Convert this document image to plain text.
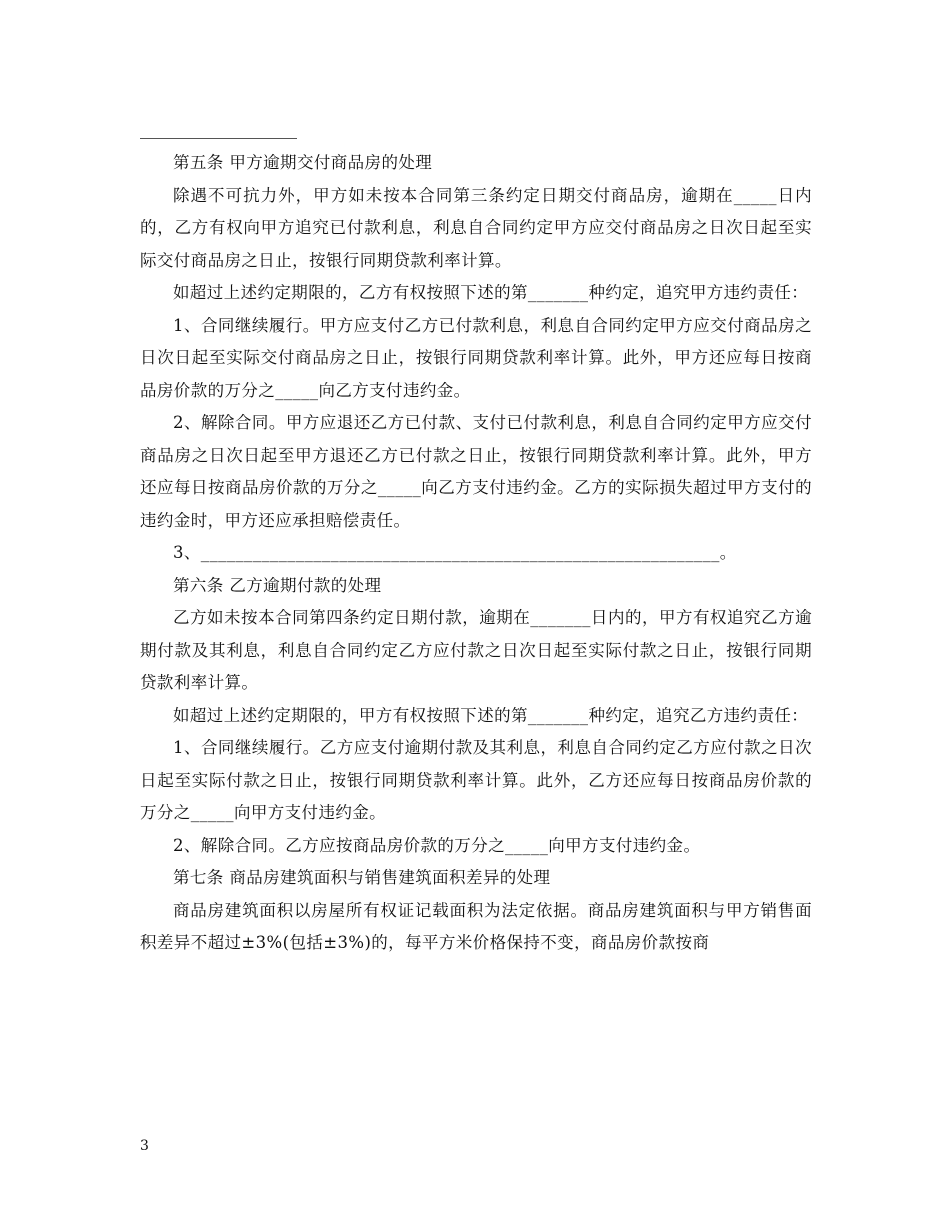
第五条 甲方逾期交付商品房的处理

除遇不可抗力外，甲方如未按本合同第三条约定日期交付商品房，逾期在_____日内的，乙方有权向甲方追究已付款利息，利息自合同约定甲方应交付商品房之日次日起至实际交付商品房之日止，按银行同期贷款利率计算。

如超过上述约定期限的，乙方有权按照下述的第_______种约定，追究甲方违约责任：

1、合同继续履行。甲方应支付乙方已付款利息，利息自合同约定甲方应交付商品房之日次日起至实际交付商品房之日止，按银行同期贷款利率计算。此外，甲方还应每日按商品房价款的万分之_____向乙方支付违约金。

2、解除合同。甲方应退还乙方已付款、支付已付款利息，利息自合同约定甲方应交付商品房之日次日起至甲方退还乙方已付款之日止，按银行同期贷款利率计算。此外，甲方还应每日按商品房价款的万分之_____向乙方支付违约金。乙方的实际损失超过甲方支付的违约金时，甲方还应承担赔偿责任。

3、____________________________________________________________。

第六条 乙方逾期付款的处理

乙方如未按本合同第四条约定日期付款，逾期在_______日内的，甲方有权追究乙方逾期付款及其利息，利息自合同约定乙方应付款之日次日起至实际付款之日止，按银行同期贷款利率计算。

如超过上述约定期限的，甲方有权按照下述的第_______种约定，追究乙方违约责任：

1、合同继续履行。乙方应支付逾期付款及其利息，利息自合同约定乙方应付款之日次日起至实际付款之日止，按银行同期贷款利率计算。此外，乙方还应每日按商品房价款的万分之_____向甲方支付违约金。

2、解除合同。乙方应按商品房价款的万分之_____向甲方支付违约金。

第七条 商品房建筑面积与销售建筑面积差异的处理

商品房建筑面积以房屋所有权证记载面积为法定依据。商品房建筑面积与甲方销售面积差异不超过±3%(包括±3%)的，每平方米价格保持不变，商品房价款按商

3
